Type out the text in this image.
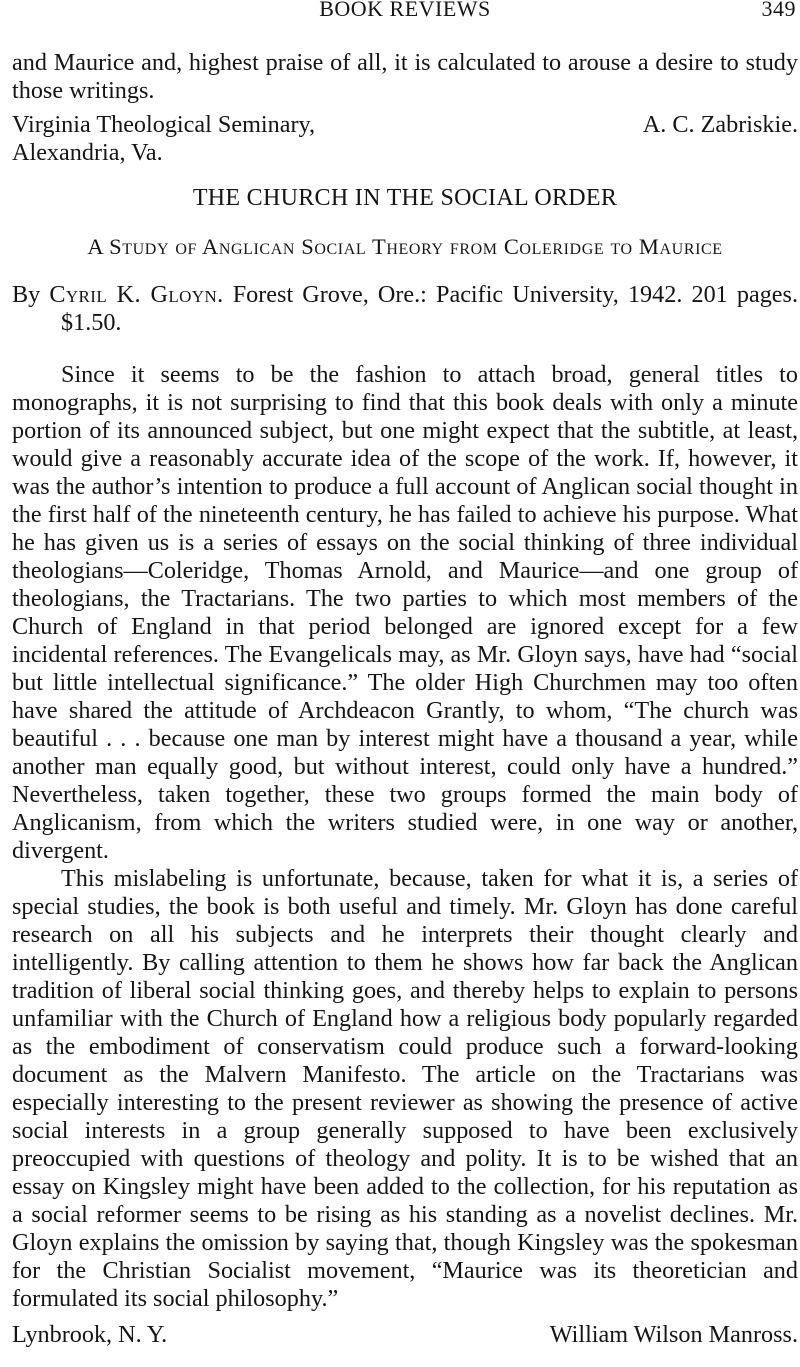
BOOK REVIEWS	349

and Maurice and, highest praise of all, it is calculated to arouse a desire to study those writings.

Virginia Theological Seminary,	A. C. Zabriskie.
Alexandria, Va.
THE CHURCH IN THE SOCIAL ORDER
A Study of Anglican Social Theory from Coleridge to Maurice

By Cyril K. Gloyn. Forest Grove, Ore.: Pacific University, 1942. 201 pages. $1.50.

Since it seems to be the fashion to attach broad, general titles to monographs, it is not surprising to find that this book deals with only a minute portion of its announced subject, but one might expect that the subtitle, at least, would give a reasonably accurate idea of the scope of the work. If, however, it was the author’s intention to produce a full account of Anglican social thought in the first half of the nineteenth century, he has failed to achieve his purpose. What he has given us is a series of essays on the social thinking of three individual theologians—Coleridge, Thomas Arnold, and Maurice—and one group of theologians, the Tractarians. The two parties to which most members of the Church of England in that period belonged are ignored except for a few incidental references. The Evangelicals may, as Mr. Gloyn says, have had “social but little intellectual significance.” The older High Churchmen may too often have shared the attitude of Archdeacon Grantly, to whom, “The church was beautiful . . . because one man by interest might have a thousand a year, while another man equally good, but without interest, could only have a hundred.” Nevertheless, taken together, these two groups formed the main body of Anglicanism, from which the writers studied were, in one way or another, divergent.

This mislabeling is unfortunate, because, taken for what it is, a series of special studies, the book is both useful and timely. Mr. Gloyn has done careful research on all his subjects and he interprets their thought clearly and intelligently. By calling attention to them he shows how far back the Anglican tradition of liberal social thinking goes, and thereby helps to explain to persons unfamiliar with the Church of England how a religious body popularly regarded as the embodiment of conservatism could produce such a forward-looking document as the Malvern Manifesto. The article on the Tractarians was especially interesting to the present reviewer as showing the presence of active social interests in a group generally supposed to have been exclusively preoccupied with questions of theology and polity. It is to be wished that an essay on Kingsley might have been added to the collection, for his reputation as a social reformer seems to be rising as his standing as a novelist declines. Mr. Gloyn explains the omission by saying that, though Kingsley was the spokesman for the Christian Socialist movement, “Maurice was its theoretician and formulated its social philosophy.”

Lynbrook, N. Y.	William Wilson Manross.
